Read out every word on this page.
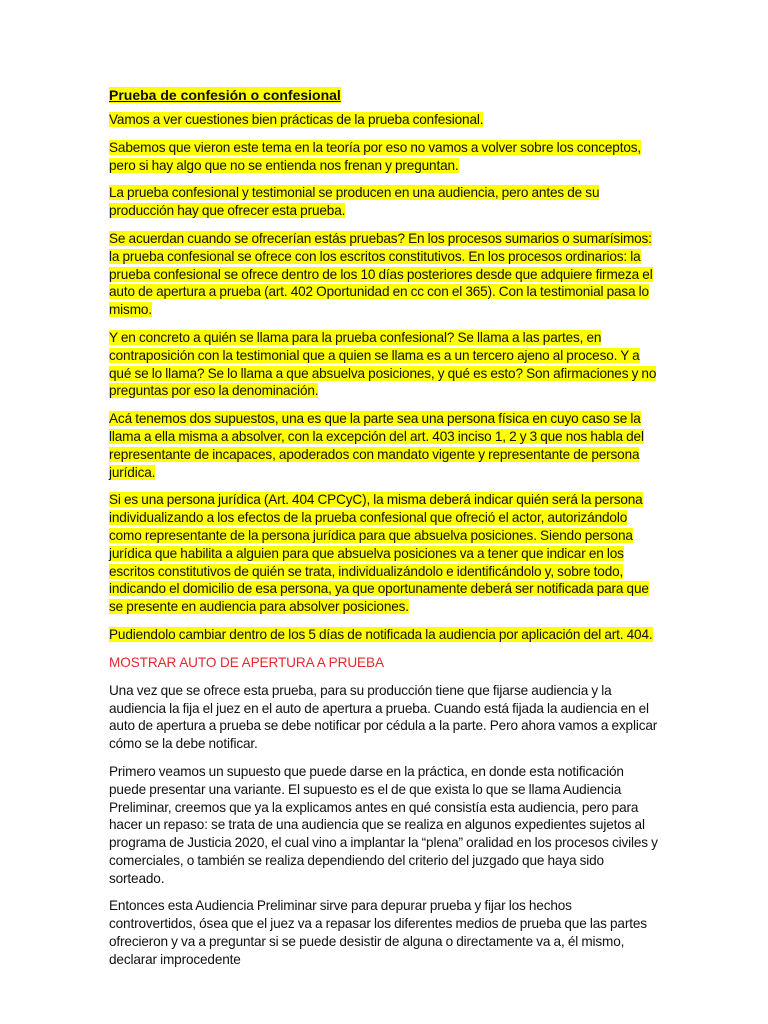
Prueba de confesión o confesional

Vamos a ver cuestiones bien prácticas de la prueba confesional.

Sabemos que vieron este tema en la teoría por eso no vamos a volver sobre los conceptos, pero si hay algo que no se entienda nos frenan y preguntan.

La prueba confesional y testimonial se producen en una audiencia, pero antes de su producción hay que ofrecer esta prueba.

Se acuerdan cuando se ofrecerían estás pruebas? En los procesos sumarios o sumarísimos: la prueba confesional se ofrece con los escritos constitutivos. En los procesos ordinarios: la prueba confesional se ofrece dentro de los 10 días posteriores desde que adquiere firmeza el auto de apertura a prueba (art. 402 Oportunidad en cc con el 365). Con la testimonial pasa lo mismo.

Y en concreto a quién se llama para la prueba confesional? Se llama a las partes, en contraposición con la testimonial que a quien se llama es a un tercero ajeno al proceso. Y a qué se lo llama? Se lo llama a que absuelva posiciones, y qué es esto? Son afirmaciones y no preguntas por eso la denominación.

Acá tenemos dos supuestos, una es que la parte sea una persona física en cuyo caso se la llama a ella misma a absolver, con la excepción del art. 403 inciso 1, 2 y 3 que nos habla del representante de incapaces, apoderados con mandato vigente y representante de persona jurídica.

Si es una persona jurídica (Art. 404 CPCyC), la misma deberá indicar quién será la persona individualizando a los efectos de la prueba confesional que ofreció el actor, autorizándolo como representante de la persona jurídica para que absuelva posiciones. Siendo persona jurídica que habilita a alguien para que absuelva posiciones va a tener que indicar en los escritos constitutivos de quién se trata, individualizándolo e identificándolo y, sobre todo, indicando el domicilio de esa persona, ya que oportunamente deberá ser notificada para que se presente en audiencia para absolver posiciones.

Pudiendolo cambiar dentro de los 5 días de notificada la audiencia por aplicación del art. 404.

MOSTRAR AUTO DE APERTURA A PRUEBA

Una vez que se ofrece esta prueba, para su producción tiene que fijarse audiencia y la audiencia la fija el juez en el auto de apertura a prueba. Cuando está fijada la audiencia en el auto de apertura a prueba se debe notificar por cédula a la parte. Pero ahora vamos a explicar cómo se la debe notificar.

Primero veamos un supuesto que puede darse en la práctica, en donde esta notificación puede presentar una variante. El supuesto es el de que exista lo que se llama Audiencia Preliminar, creemos que ya la explicamos antes en qué consistía esta audiencia, pero para hacer un repaso: se trata de una audiencia que se realiza en algunos expedientes sujetos al programa de Justicia 2020, el cual vino a implantar la “plena” oralidad en los procesos civiles y comerciales, o también se realiza dependiendo del criterio del juzgado que haya sido sorteado.

Entonces esta Audiencia Preliminar sirve para depurar prueba y fijar los hechos controvertidos, ósea que el juez va a repasar los diferentes medios de prueba que las partes ofrecieron y va a preguntar si se puede desistir de alguna o directamente va a, él mismo, declarar improcedente
